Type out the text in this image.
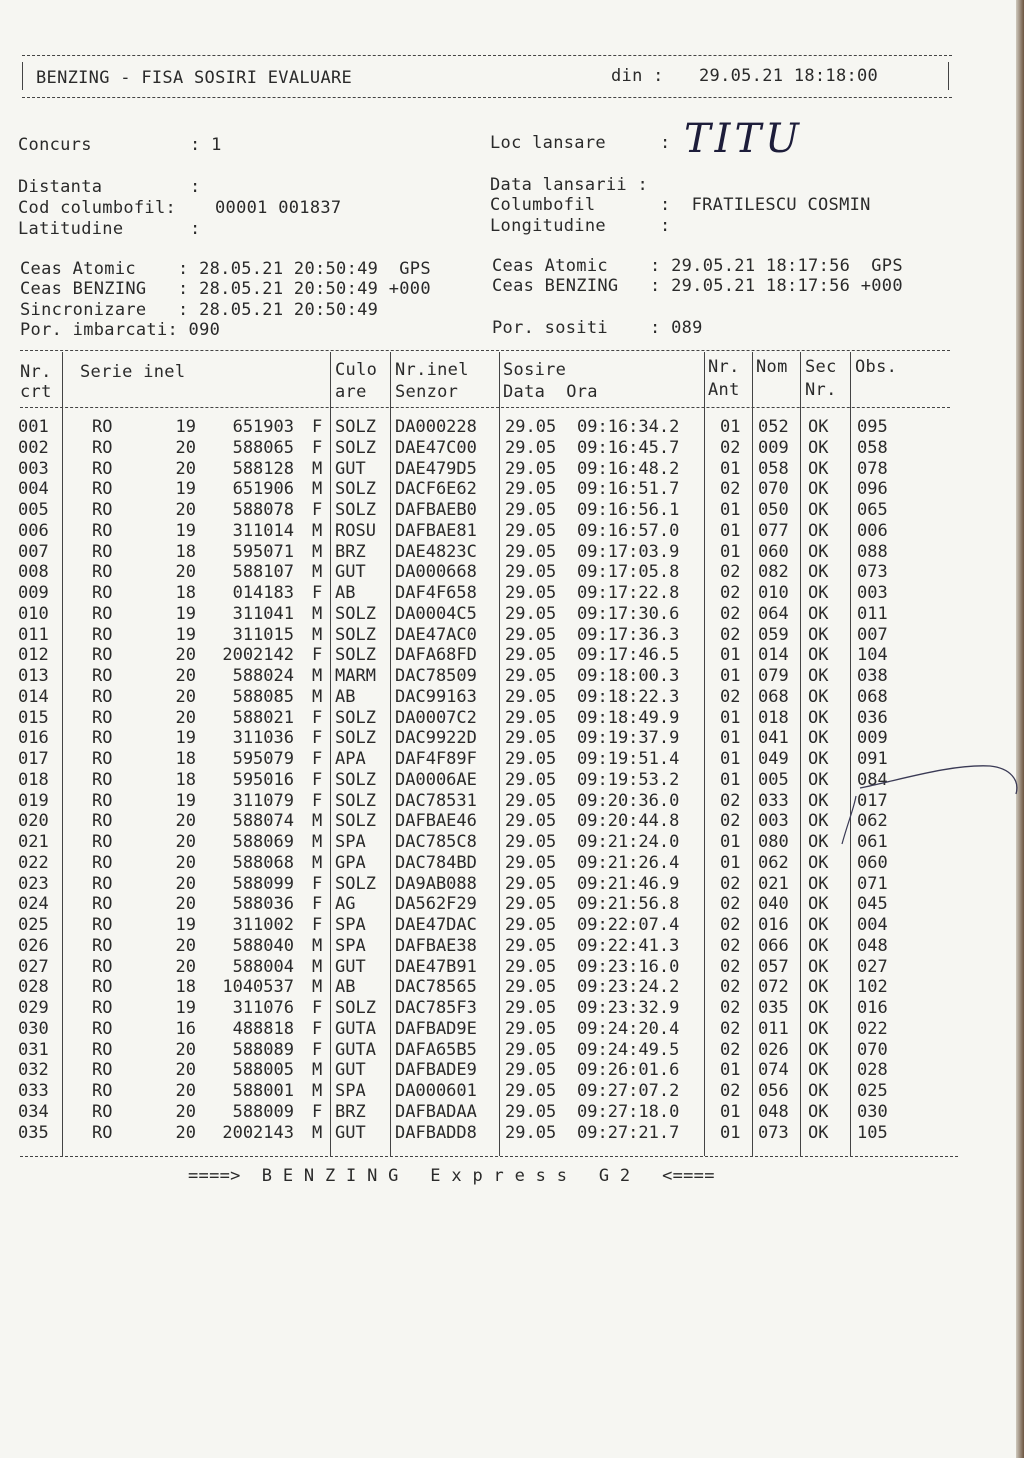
BENZING - FISA SOSIRI EVALUARE	din : 29.05.21 18:18:00
Concurs	: 1	Loc lansare	: TITU
Distanta	:
Cod columbofil: 00001 001837
Latitudine	:
Data lansarii :
Columbofil	:  FRATILESCU COSMIN
Longitudine	:
Ceas Atomic    : 28.05.21 20:50:49  GPS
Ceas BENZING   : 28.05.21 20:50:49 +000
Sincronizare   : 28.05.21 20:50:49
Por. imbarcati: 090
Ceas Atomic    : 29.05.21 18:17:56  GPS
Ceas BENZING   : 29.05.21 18:17:56 +000
Por. sositi    : 089
Nr.
crt
Serie inel	Culo
are
Nr.inel
Senzor
Sosire
Data  Ora
Nr.
Ant
Nom Sec
Nr.
Obs.
001	RO	19	651903 F SOLZ DA000228 29.05 09:16:34.2 01 052 OK 095
002	RO	20	588065 F SOLZ DAE47C00 29.05 09:16:45.7 02 009 OK 058
003	RO	20	588128 M GUT DAE479D5 29.05 09:16:48.2 01 058 OK 078
004	RO	19	651906 M SOLZ DACF6E62 29.05 09:16:51.7 02 070 OK 096
005	RO	20	588078 F SOLZ DAFBAEB0 29.05 09:16:56.1 01 050 OK 065
006	RO	19	311014 M ROSU DAFBAE81 29.05 09:16:57.0 01 077 OK 006
007	RO	18	595071 M BRZ DAE4823C 29.05 09:17:03.9 01 060 OK 088
008	RO	20	588107 M GUT DA000668 29.05 09:17:05.8 02 082 OK 073
009	RO	18	014183 F AB DAF4F658 29.05 09:17:22.8 02 010 OK 003
010	RO	19	311041 M SOLZ DA0004C5 29.05 09:17:30.6 02 064 OK 011
011	RO	19	311015 M SOLZ DAE47AC0 29.05 09:17:36.3 02 059 OK 007
012	RO	20	2002142 F SOLZ DAFA68FD 29.05 09:17:46.5 01 014 OK 104
013	RO	20	588024 M MARM DAC78509 29.05 09:18:00.3 01 079 OK 038
014	RO	20	588085 M AB DAC99163 29.05 09:18:22.3 02 068 OK 068
015	RO	20	588021 F SOLZ DA0007C2 29.05 09:18:49.9 01 018 OK 036
016	RO	19	311036 F SOLZ DAC9922D 29.05 09:19:37.9 01 041 OK 009
017	RO	18	595079 F APA DAF4F89F 29.05 09:19:51.4 01 049 OK 091
018	RO	18	595016 F SOLZ DA0006AE 29.05 09:19:53.2 01 005 OK 084
019	RO	19	311079 F SOLZ DAC78531 29.05 09:20:36.0 02 033 OK 017
020	RO	20	588074 M SOLZ DAFBAE46 29.05 09:20:44.8 02 003 OK 062
021	RO	20	588069 M SPA DAC785C8 29.05 09:21:24.0 01 080 OK 061
022	RO	20	588068 M GPA DAC784BD 29.05 09:21:26.4 01 062 OK 060
023	RO	20	588099 F SOLZ DA9AB088 29.05 09:21:46.9 02 021 OK 071
024	RO	20	588036 F AG DA562F29 29.05 09:21:56.8 02 040 OK 045
025	RO	19	311002 F SPA DAE47DAC 29.05 09:22:07.4 02 016 OK 004
026	RO	20	588040 M SPA DAFBAE38 29.05 09:22:41.3 02 066 OK 048
027	RO	20	588004 M GUT DAE47B91 29.05 09:23:16.0 02 057 OK 027
028	RO	18	1040537 M AB DAC78565 29.05 09:23:24.2 02 072 OK 102
029	RO	19	311076 F SOLZ DAC785F3 29.05 09:23:32.9 02 035 OK 016
030	RO	16	488818 F GUTA DAFBAD9E 29.05 09:24:20.4 02 011 OK 022
031	RO	20	588089 F GUTA DAFA65B5 29.05 09:24:49.5 02 026 OK 070
032	RO	20	588005 M GUT DAFBADE9 29.05 09:26:01.6 01 074 OK 028
033	RO	20	588001 M SPA DA000601 29.05 09:27:07.2 02 056 OK 025
034	RO	20	588009 F BRZ DAFBADAA 29.05 09:27:18.0 01 048 OK 030
035	RO	20	2002143 M GUT DAFBADD8 29.05 09:27:21.7 01 073 OK 105
====>  B E N Z I N G   E x p r e s s   G 2   <====
